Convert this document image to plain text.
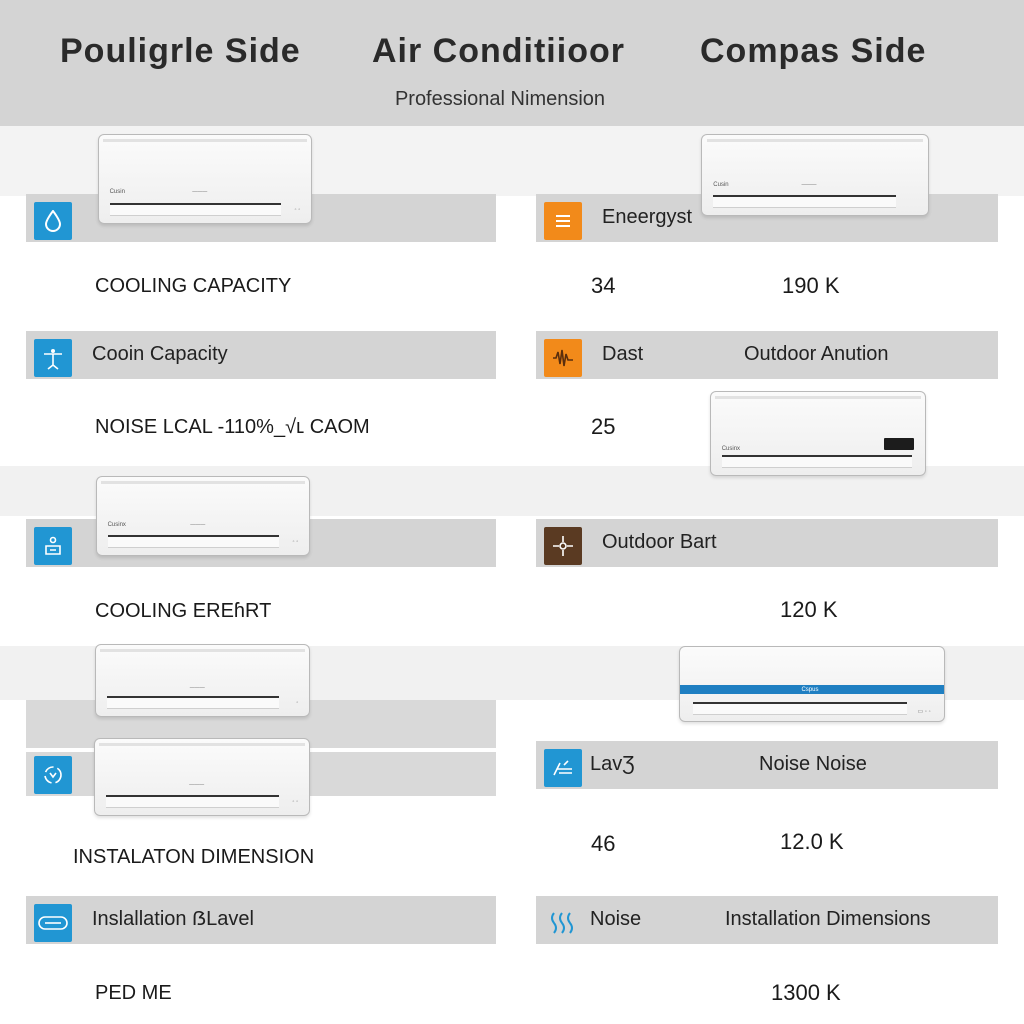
Pouligrle Side Air Conditiioor Compas Side
Professional Nimension
Eneergyst
Cusin	———
◦ ◦
Cusin	———
COOLING CAPACITY	34	190 K
Cooin Capacity	Dast	Outdoor Anution
NOISE LCAL -110%_√ʟ CAOM	25
Cusinx
Outdoor Bart
Cusinx	———
◦ ◦
COOLING EREɦRT	120 K
———
◦
———
◦ ◦
Cspus
▭ ◦ ◦
LavƷ	Noise Noise
INSTALATON DIMENSION
46	12.0 K
Inslallation ẞLavel	Noise	Installation Dimensions
PED ME	1300 K
